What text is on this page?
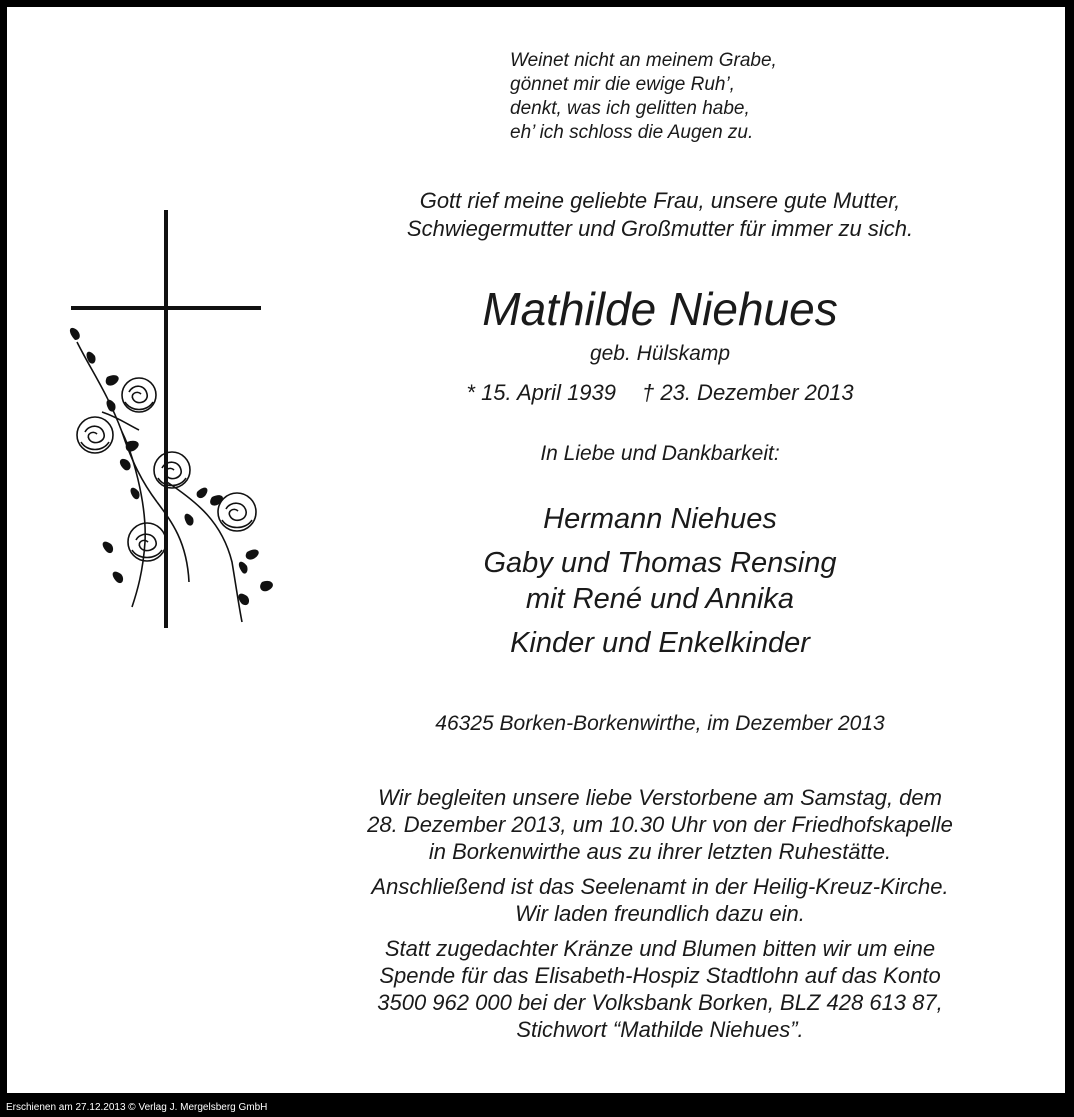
Weinet nicht an meinem Grabe,
gönnet mir die ewige Ruh’,
denkt, was ich gelitten habe,
eh’ ich schloss die Augen zu.
Gott rief meine geliebte Frau, unsere gute Mutter,
Schwiegermutter und Großmutter für immer zu sich.
Mathilde Niehues
geb. Hülskamp
* 15. April 1939 † 23. Dezember 2013
In Liebe und Dankbarkeit:
Hermann Niehues
Gaby und Thomas Rensing
mit René und Annika
Kinder und Enkelkinder
46325 Borken-Borkenwirthe, im Dezember 2013
Wir begleiten unsere liebe Verstorbene am Samstag, dem
28. Dezember 2013, um 10.30 Uhr von der Friedhofskapelle
in Borkenwirthe aus zu ihrer letzten Ruhestätte.
Anschließend ist das Seelenamt in der Heilig-Kreuz-Kirche.
Wir laden freundlich dazu ein.
Statt zugedachter Kränze und Blumen bitten wir um eine
Spende für das Elisabeth-Hospiz Stadtlohn auf das Konto
3500 962 000 bei der Volksbank Borken, BLZ 428 613 87,
Stichwort “Mathilde Niehues”.
Erschienen am 27.12.2013 © Verlag J. Mergelsberg GmbH
